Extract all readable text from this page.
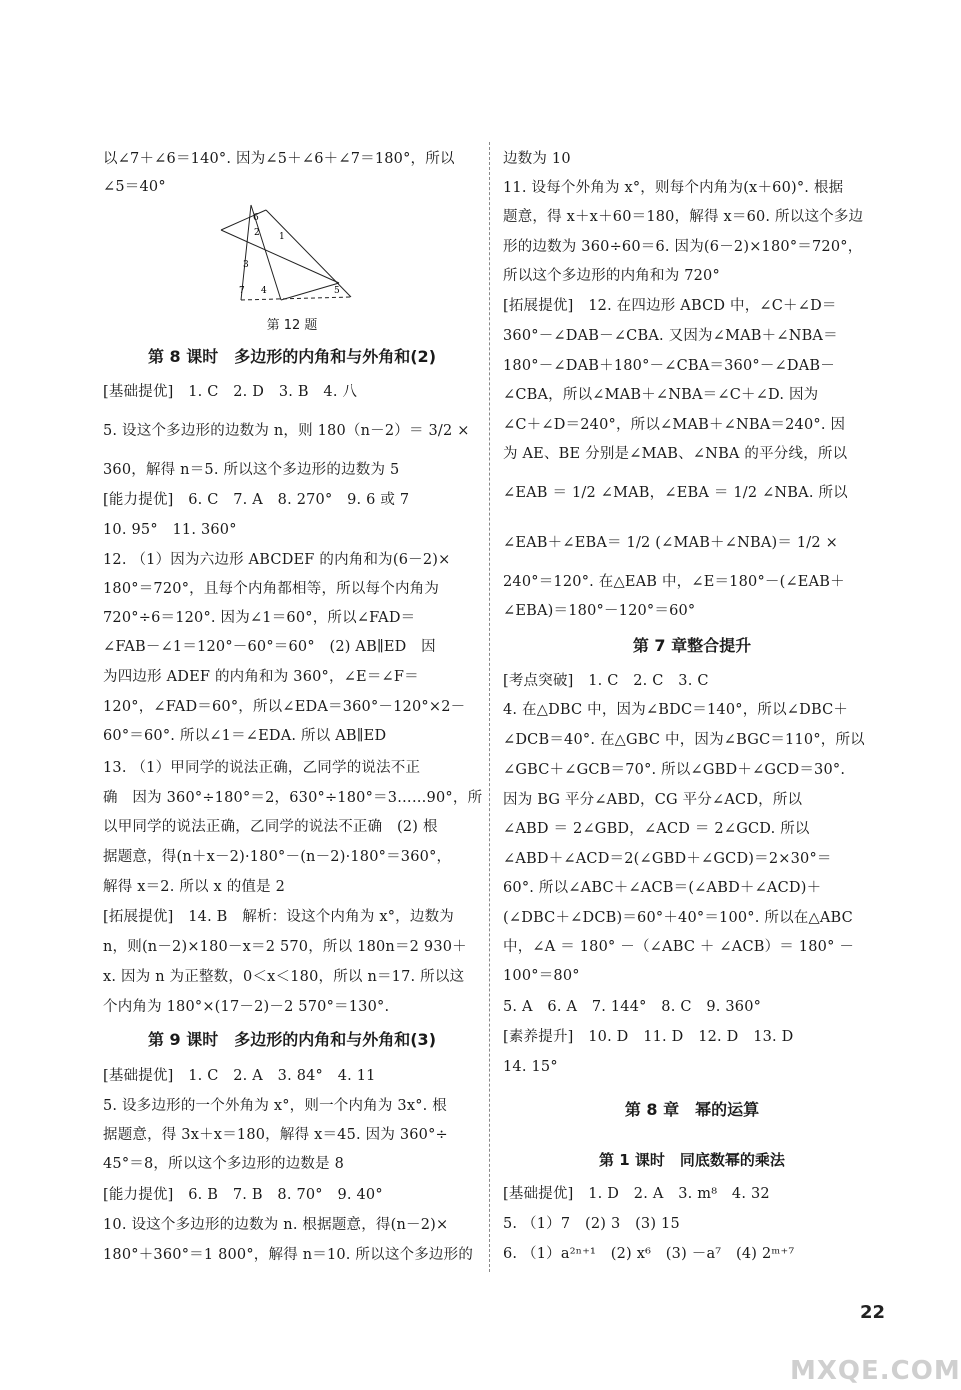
以∠7＋∠6＝140°. 因为∠5＋∠6＋∠7＝180°，所以
∠5＝40°
6
2 1
3
7 4	5
第 12 题
第 8 课时　多边形的内角和与外角和(2)
[基础提优]　1. C　2. D　3. B　4. 八
5. 设这个多边形的边数为 n，则 180（n－2）＝ 3/2 ×
360，解得 n＝5. 所以这个多边形的边数为 5
[能力提优]　6. C　7. A　8. 270°　9. 6 或 7
10. 95°　11. 360°
12. （1）因为六边形 ABCDEF 的内角和为(6－2)×
180°＝720°，且每个内角都相等，所以每个内角为
720°÷6＝120°. 因为∠1＝60°，所以∠FAD＝
∠FAB－∠1＝120°－60°＝60°　(2) AB∥ED　因
为四边形 ADEF 的内角和为 360°，∠E＝∠F＝
120°，∠FAD＝60°，所以∠EDA＝360°－120°×2－
60°＝60°. 所以∠1＝∠EDA. 所以 AB∥ED
13. （1）甲同学的说法正确，乙同学的说法不正
确　因为 360°÷180°＝2，630°÷180°＝3……90°，所
以甲同学的说法正确，乙同学的说法不正确　(2) 根
据题意，得(n＋x－2)·180°－(n－2)·180°＝360°，
解得 x＝2. 所以 x 的值是 2
[拓展提优]　14. B　解析：设这个内角为 x°，边数为
n，则(n－2)×180－x＝2 570，所以 180n＝2 930＋
x. 因为 n 为正整数，0＜x＜180，所以 n＝17. 所以这
个内角为 180°×(17－2)－2 570°＝130°.
第 9 课时　多边形的内角和与外角和(3)
[基础提优]　1. C　2. A　3. 84°　4. 11
5. 设多边形的一个外角为 x°，则一个内角为 3x°. 根
据题意，得 3x＋x＝180，解得 x＝45. 因为 360°÷
45°＝8，所以这个多边形的边数是 8
[能力提优]　6. B　7. B　8. 70°　9. 40°
10. 设这个多边形的边数为 n. 根据题意，得(n－2)×
180°＋360°＝1 800°，解得 n＝10. 所以这个多边形的
边数为 10
11. 设每个外角为 x°，则每个内角为(x＋60)°. 根据
题意，得 x＋x＋60＝180，解得 x＝60. 所以这个多边
形的边数为 360÷60＝6. 因为(6－2)×180°＝720°，
所以这个多边形的内角和为 720°
[拓展提优]　12. 在四边形 ABCD 中，∠C＋∠D＝
360°－∠DAB－∠CBA. 又因为∠MAB＋∠NBA＝
180°－∠DAB＋180°－∠CBA＝360°－∠DAB－
∠CBA，所以∠MAB＋∠NBA＝∠C＋∠D. 因为
∠C＋∠D＝240°，所以∠MAB＋∠NBA＝240°. 因
为 AE、BE 分别是∠MAB、∠NBA 的平分线，所以
∠EAB ＝ 1/2 ∠MAB，∠EBA ＝ 1/2 ∠NBA. 所以
∠EAB＋∠EBA＝ 1/2 (∠MAB＋∠NBA)＝ 1/2 ×
240°＝120°. 在△EAB 中，∠E＝180°－(∠EAB＋
∠EBA)＝180°－120°＝60°
第 7 章整合提升
[考点突破]　1. C　2. C　3. C
4. 在△DBC 中，因为∠BDC＝140°，所以∠DBC＋
∠DCB＝40°. 在△GBC 中，因为∠BGC＝110°，所以
∠GBC＋∠GCB＝70°. 所以∠GBD＋∠GCD＝30°.
因为 BG 平分∠ABD，CG 平分∠ACD，所以
∠ABD ＝ 2∠GBD，∠ACD ＝ 2∠GCD. 所以
∠ABD＋∠ACD＝2(∠GBD＋∠GCD)＝2×30°＝
60°. 所以∠ABC＋∠ACB＝(∠ABD＋∠ACD)＋
(∠DBC＋∠DCB)＝60°＋40°＝100°. 所以在△ABC
中，∠A ＝ 180° －（∠ABC ＋ ∠ACB）＝ 180° －
100°＝80°
5. A　6. A　7. 144°　8. C　9. 360°
[素养提升]　10. D　11. D　12. D　13. D
14. 15°
第 8 章　幂的运算
第 1 课时　同底数幂的乘法
[基础提优]　1. D　2. A　3. m⁸　4. 32
5. （1）7　(2) 3　(3) 15
6. （1）a²ⁿ⁺¹　(2) x⁶　(3) －a⁷　(4) 2ᵐ⁺⁷
22
MXQE.COM
